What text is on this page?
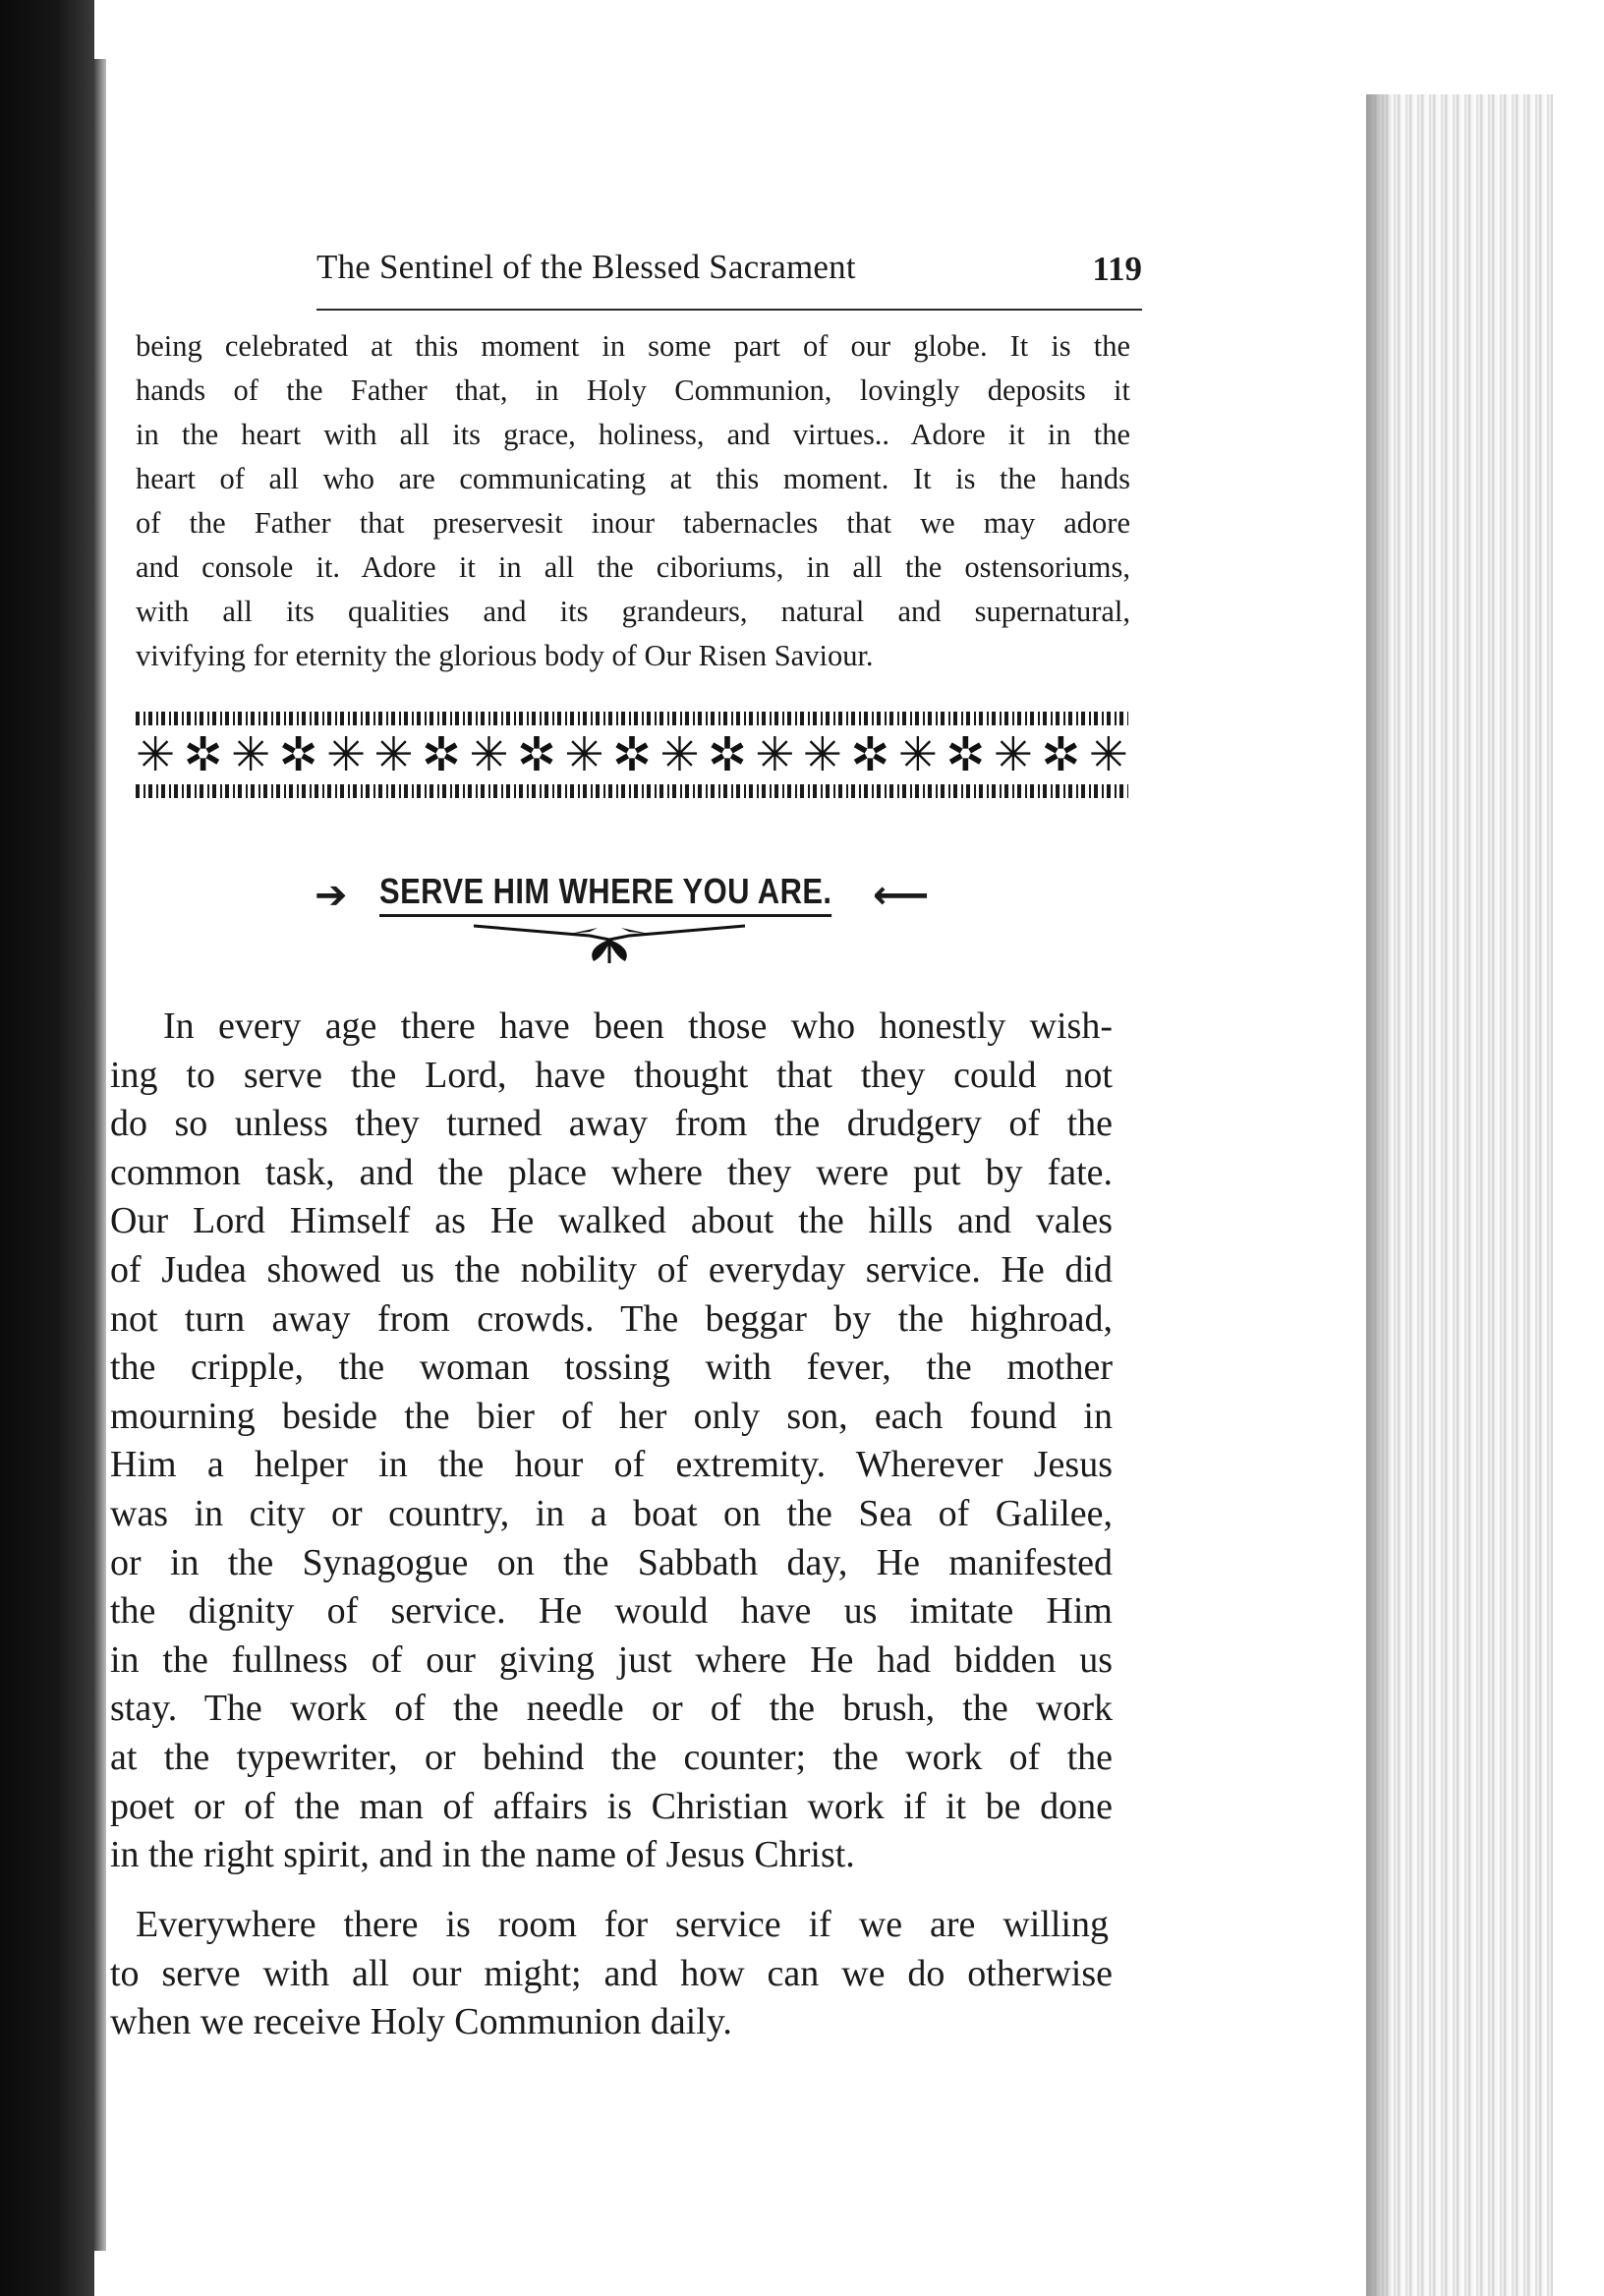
The Sentinel of the Blessed Sacrament	119
being celebrated at this moment in some part of our globe. It is the
hands of the Father that, in Holy Communion, lovingly deposits it
in the heart with all its grace, holiness, and virtues.. Adore it in the
heart of all who are communicating at this moment. It is the hands
of the Father that preservesit inour tabernacles that we may adore
and console it. Adore it in all the ciboriums, in all the ostensoriums,
with all its qualities and its grandeurs, natural and supernatural,
vivifying for eternity the glorious body of Our Risen Saviour.
✳ ✲ ✳ ✲ ✳ ✳ ✲ ✳ ✲ ✳ ✲ ✳ ✲ ✳ ✳ ✲ ✳ ✲ ✳ ✲ ✳
➔ SERVE HIM WHERE YOU ARE. ⟵
In every age there have been those who honestly wish-
ing to serve the Lord, have thought that they could not
do so unless they turned away from the drudgery of the
common task, and the place where they were put by fate.
Our Lord Himself as He walked about the hills and vales
of Judea showed us the nobility of everyday service. He did
not turn away from crowds. The beggar by the highroad,
the cripple, the woman tossing with fever, the mother
mourning beside the bier of her only son, each found in
Him a helper in the hour of extremity. Wherever Jesus
was in city or country, in a boat on the Sea of Galilee,
or in the Synagogue on the Sabbath day, He manifested
the dignity of service. He would have us imitate Him
in the fullness of our giving just where He had bidden us
stay. The work of the needle or of the brush, the work
at the typewriter, or behind the counter; the work of the
poet or of the man of affairs is Christian work if it be done
in the right spirit, and in the name of Jesus Christ.
Everywhere there is room for service if we are willing
to serve with all our might; and how can we do otherwise
when we receive Holy Communion daily.
